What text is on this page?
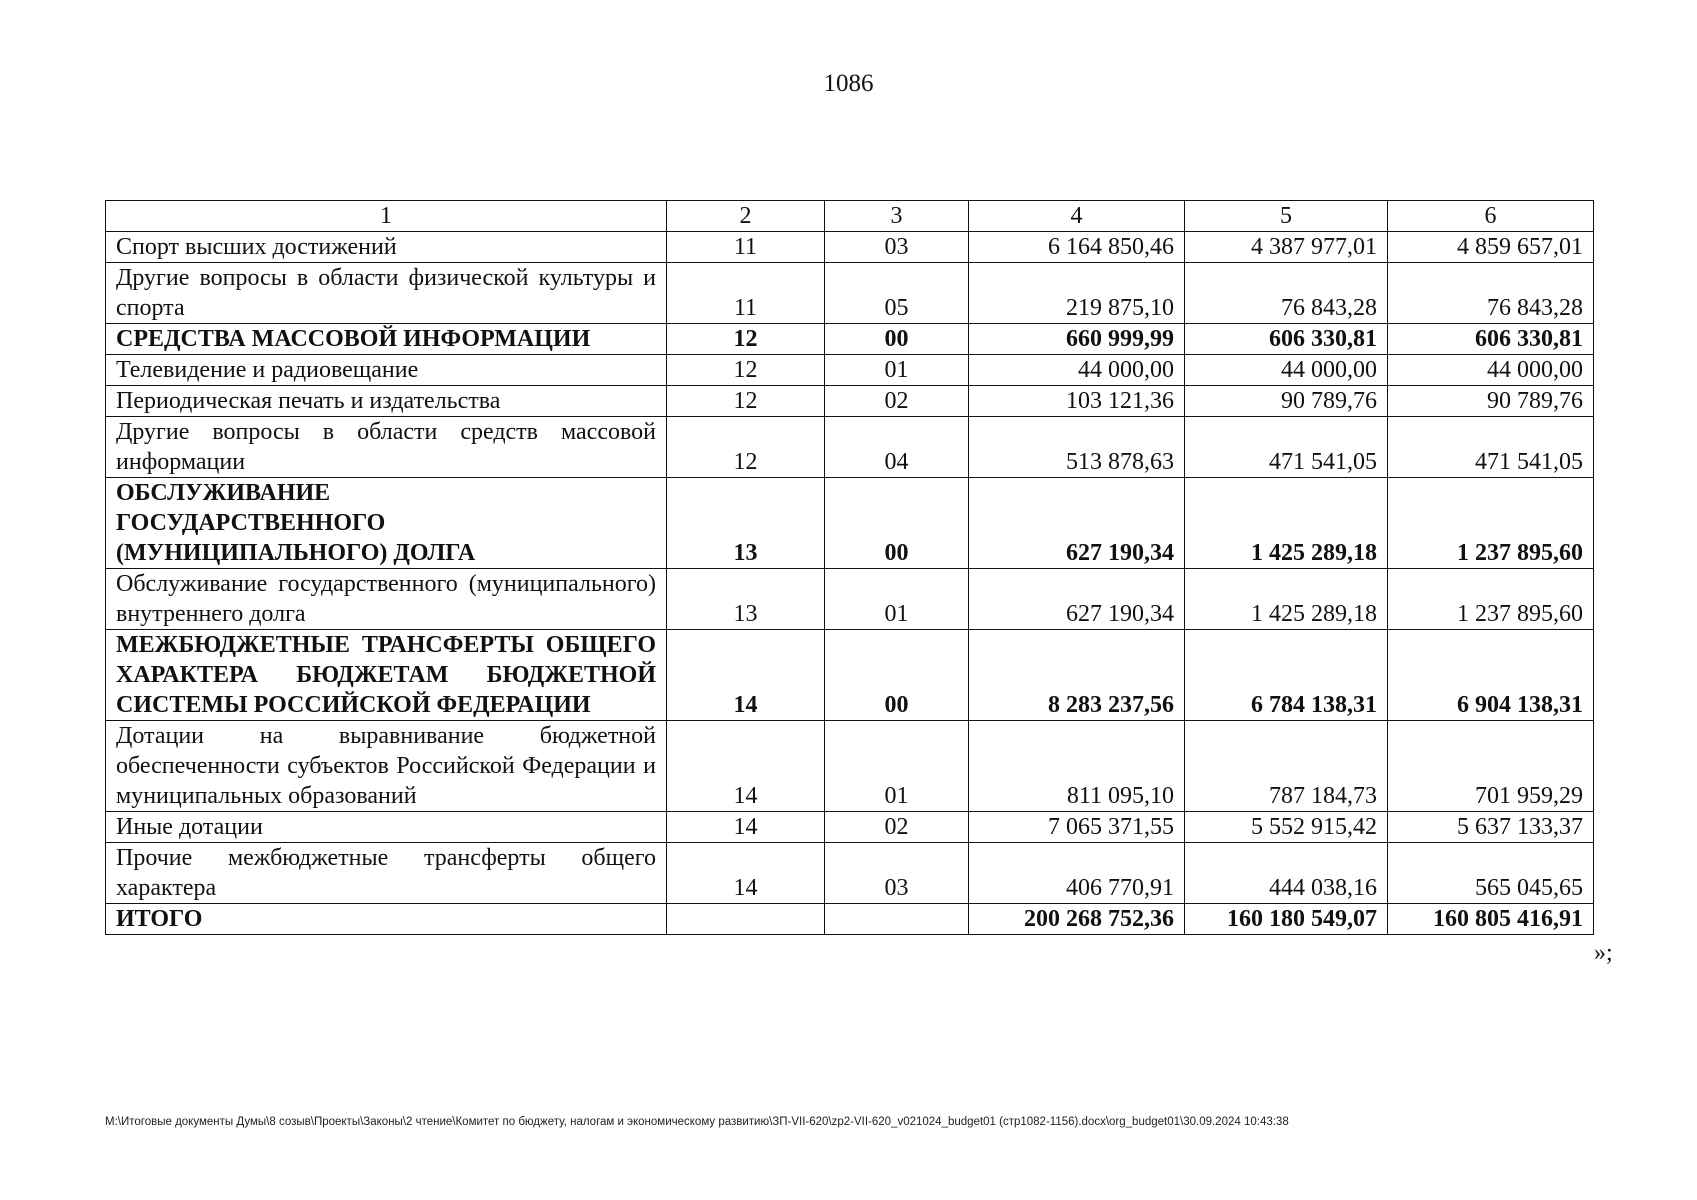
1086
1	2	3	4	5	6
Спорт высших достижений	11	03	6 164 850,46	4 387 977,01	4 859 657,01
Другие вопросы в области физической культуры и спорта	11	05	219 875,10	76 843,28	76 843,28
СРЕДСТВА МАССОВОЙ ИНФОРМАЦИИ	12	00	660 999,99	606 330,81	606 330,81
Телевидение и радиовещание	12	01	44 000,00	44 000,00	44 000,00
Периодическая печать и издательства	12	02	103 121,36	90 789,76	90 789,76
Другие вопросы в области средств массовой информации	12	04	513 878,63	471 541,05	471 541,05
ОБСЛУЖИВАНИЕ ГОСУДАРСТВЕННОГО (МУНИЦИПАЛЬНОГО) ДОЛГА	13	00	627 190,34	1 425 289,18	1 237 895,60
Обслуживание государственного (муниципального) внутреннего долга	13	01	627 190,34	1 425 289,18	1 237 895,60
МЕЖБЮДЖЕТНЫЕ ТРАНСФЕРТЫ ОБЩЕГО ХАРАКТЕРА БЮДЖЕТАМ БЮДЖЕТНОЙ СИСТЕМЫ РОССИЙСКОЙ ФЕДЕРАЦИИ	14	00	8 283 237,56	6 784 138,31	6 904 138,31
Дотации на выравнивание бюджетной обеспеченности субъектов Российской Федерации и муниципальных образований	14	01	811 095,10	787 184,73	701 959,29
Иные дотации	14	02	7 065 371,55	5 552 915,42	5 637 133,37
Прочие межбюджетные трансферты общего характера	14	03	406 770,91	444 038,16	565 045,65
ИТОГО			200 268 752,36	160 180 549,07	160 805 416,91
»;
M:\Итоговые документы Думы\8 созыв\Проекты\Законы\2 чтение\Комитет по бюджету, налогам и экономическому развитию\ЗП-VII-620\zp2-VII-620_v021024_budget01 (стр1082-1156).docx\org_budget01\30.09.2024 10:43:38
